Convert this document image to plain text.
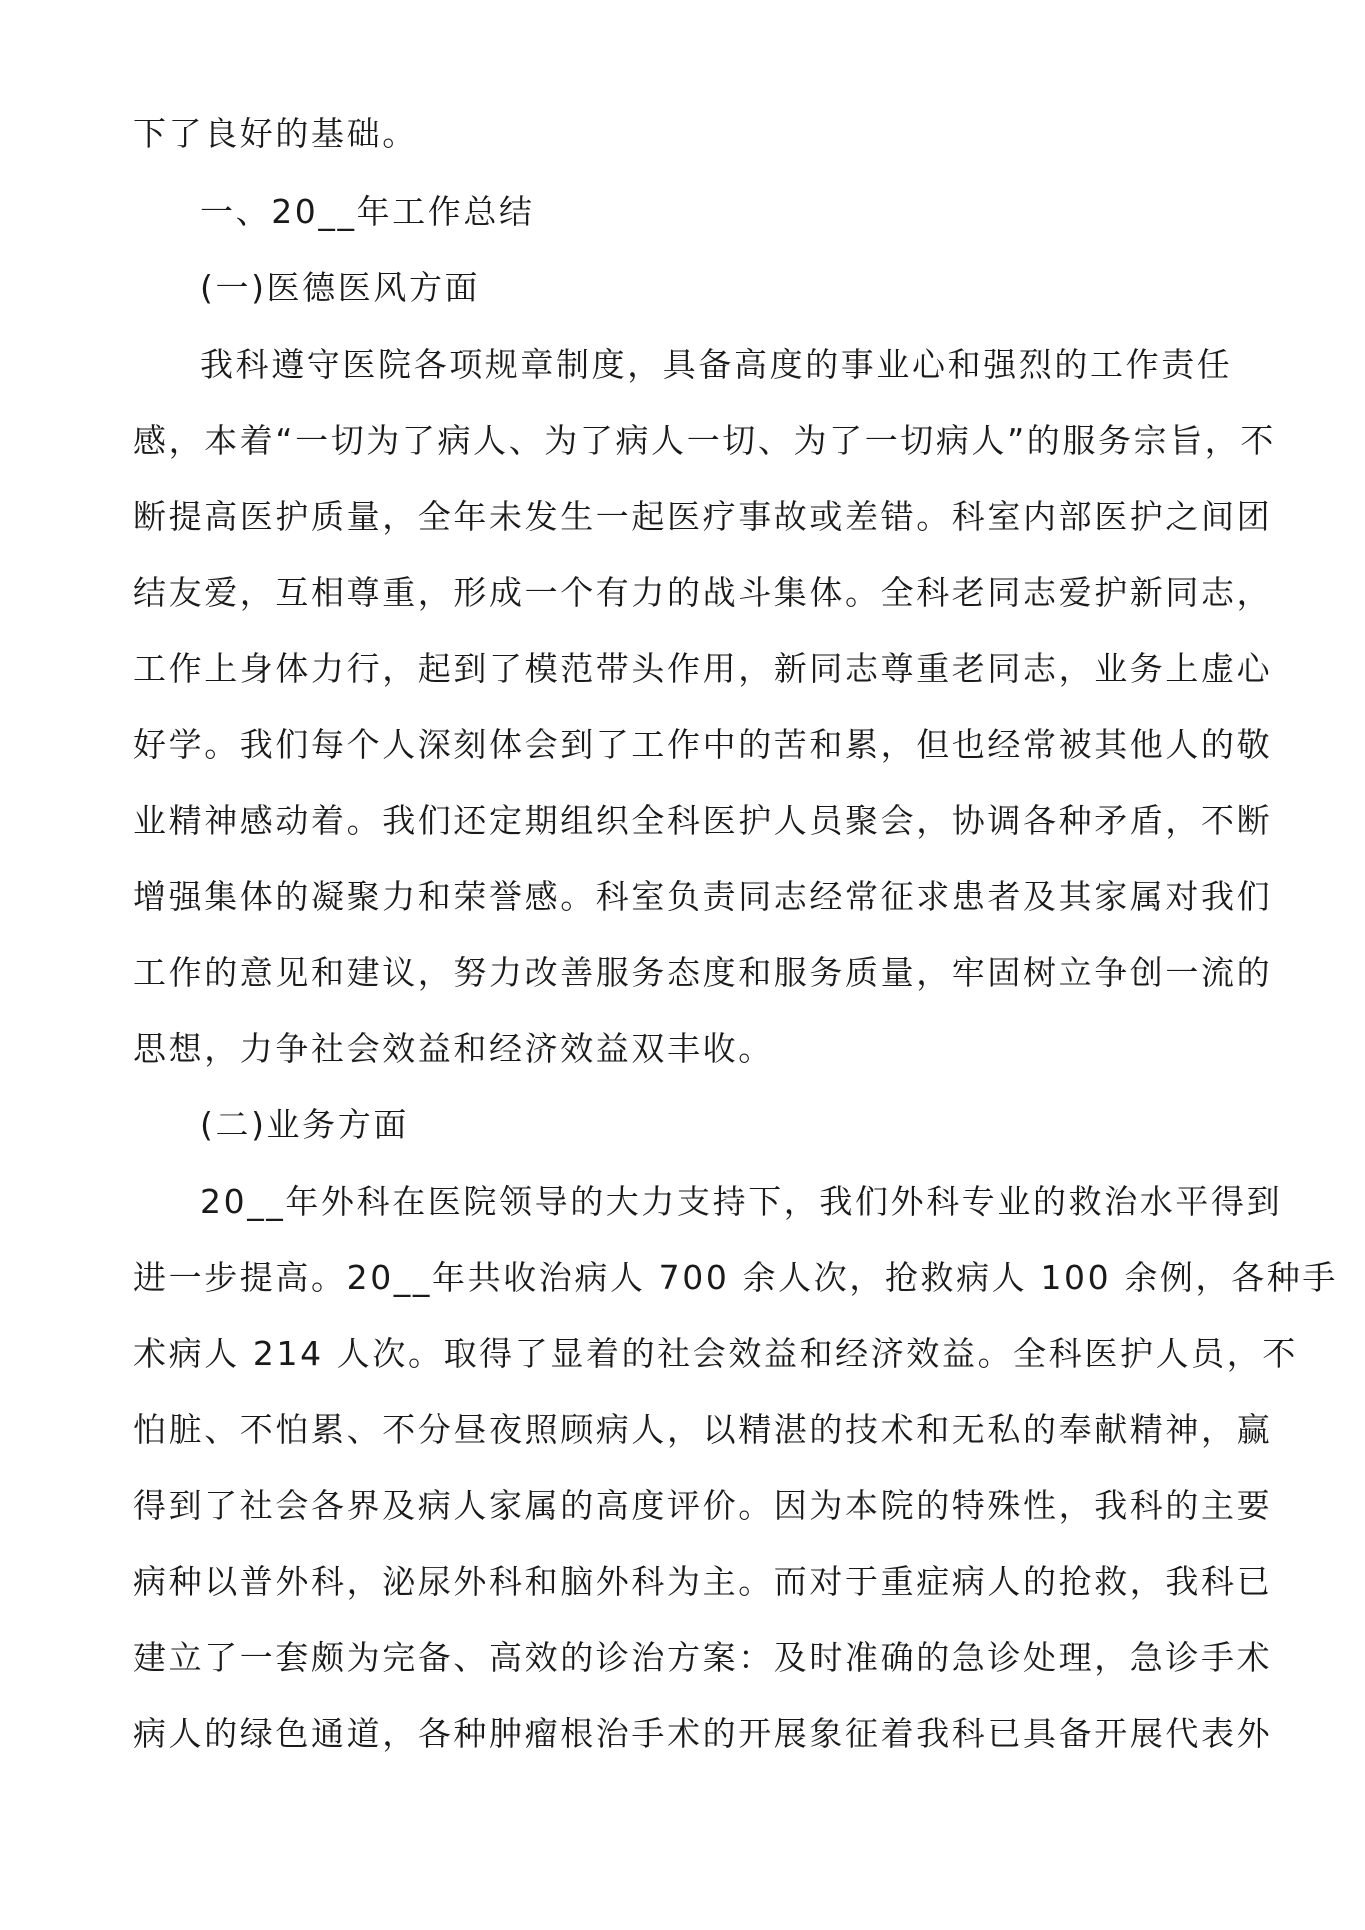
下了良好的基础。
一、20__年工作总结
(一)医德医风方面
我科遵守医院各项规章制度，具备高度的事业心和强烈的工作责任
感，本着“一切为了病人、为了病人一切、为了一切病人”的服务宗旨，不
断提高医护质量，全年未发生一起医疗事故或差错。科室内部医护之间团
结友爱，互相尊重，形成一个有力的战斗集体。全科老同志爱护新同志，
工作上身体力行，起到了模范带头作用，新同志尊重老同志，业务上虚心
好学。我们每个人深刻体会到了工作中的苦和累，但也经常被其他人的敬
业精神感动着。我们还定期组织全科医护人员聚会，协调各种矛盾，不断
增强集体的凝聚力和荣誉感。科室负责同志经常征求患者及其家属对我们
工作的意见和建议，努力改善服务态度和服务质量，牢固树立争创一流的
思想，力争社会效益和经济效益双丰收。
(二)业务方面
20__年外科在医院领导的大力支持下，我们外科专业的救治水平得到
进一步提高。20__年共收治病人 700 余人次，抢救病人 100 余例，各种手
术病人 214 人次。取得了显着的社会效益和经济效益。全科医护人员，不
怕脏、不怕累、不分昼夜照顾病人，以精湛的技术和无私的奉献精神，赢
得到了社会各界及病人家属的高度评价。因为本院的特殊性，我科的主要
病种以普外科，泌尿外科和脑外科为主。而对于重症病人的抢救，我科已
建立了一套颇为完备、高效的诊治方案：及时准确的急诊处理，急诊手术
病人的绿色通道，各种肿瘤根治手术的开展象征着我科已具备开展代表外
